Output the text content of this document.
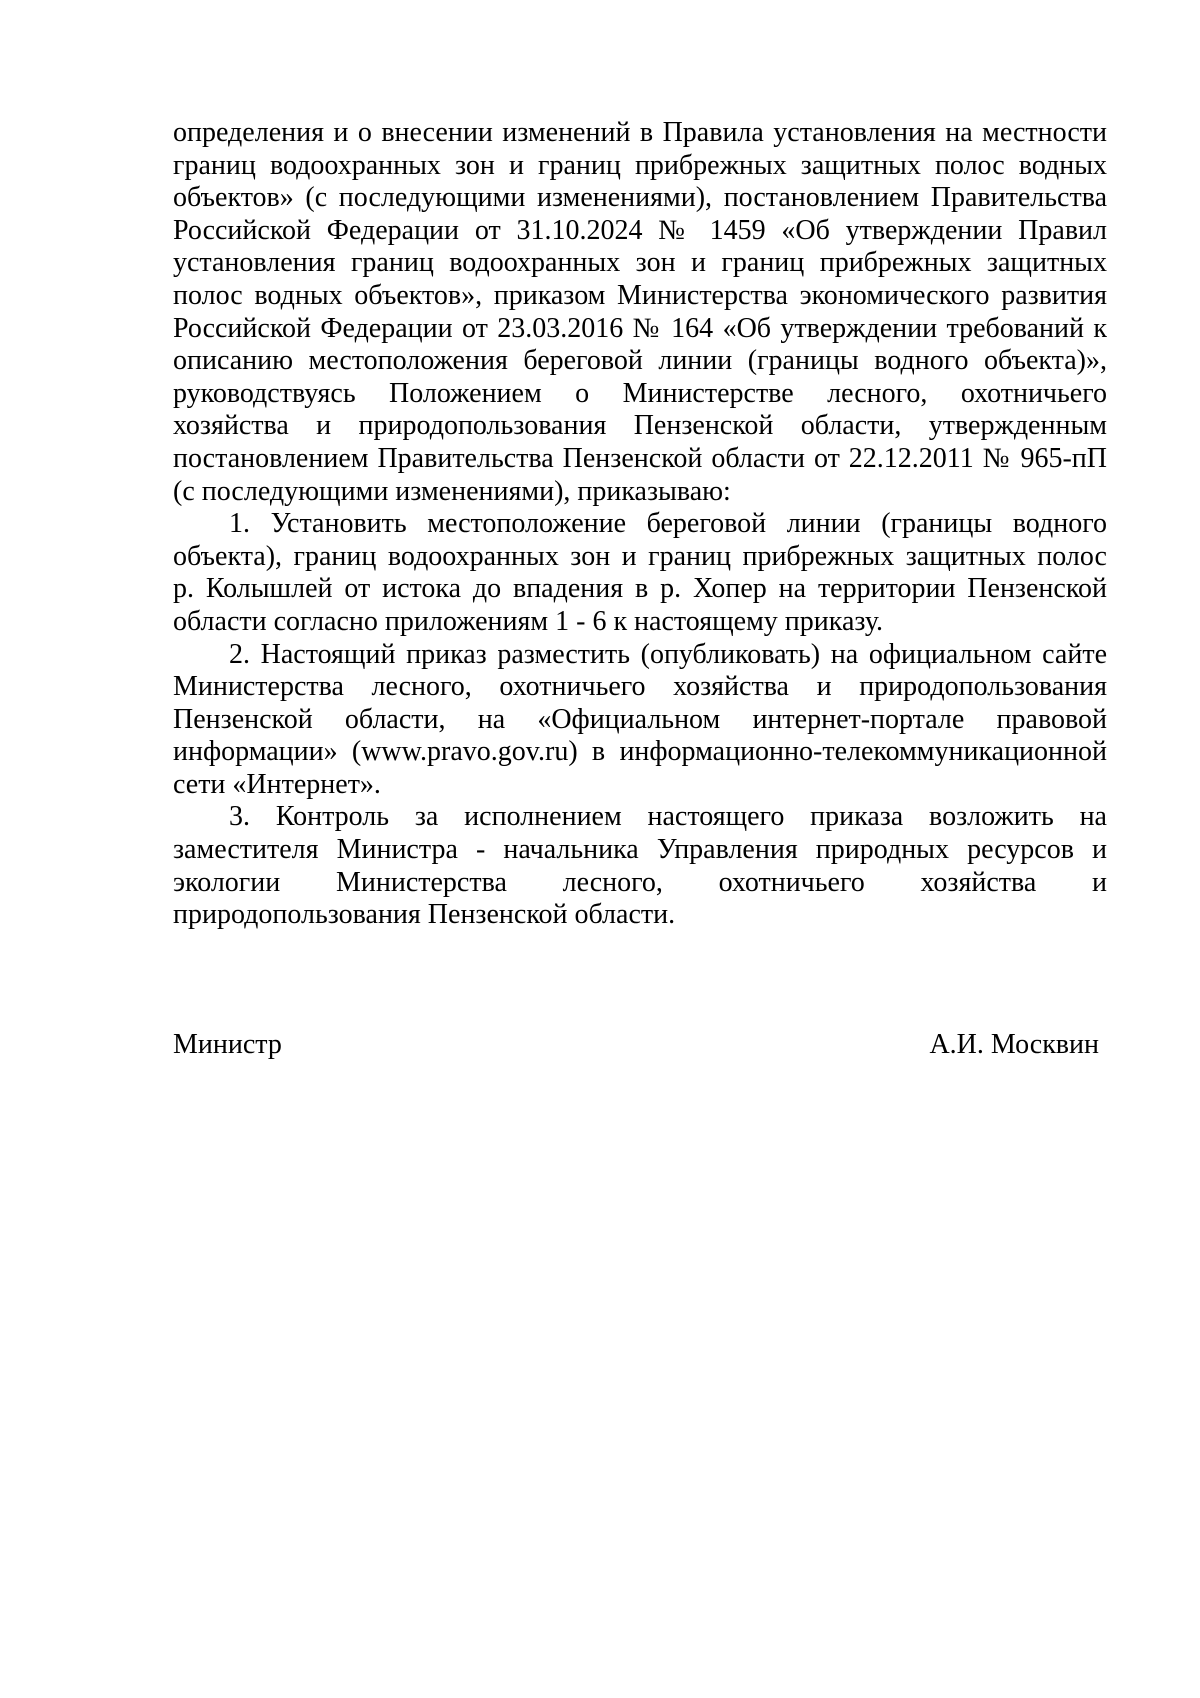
определения и о внесении изменений в Правила установления на местности
границ водоохранных зон и границ прибрежных защитных полос водных
объектов» (с последующими изменениями), постановлением Правительства
Российской Федерации от 31.10.2024 № 1459 «Об утверждении Правил
установления границ водоохранных зон и границ прибрежных защитных
полос водных объектов», приказом Министерства экономического развития
Российской Федерации от 23.03.2016 № 164 «Об утверждении требований к
описанию местоположения береговой линии (границы водного объекта)»,
руководствуясь Положением о Министерстве лесного, охотничьего
хозяйства и природопользования Пензенской области, утвержденным
постановлением Правительства Пензенской области от 22.12.2011 № 965-пП
(с последующими изменениями), приказываю:
1. Установить местоположение береговой линии (границы водного
объекта), границ водоохранных зон и границ прибрежных защитных полос
р. Колышлей от истока до впадения в р. Хопер на территории Пензенской
области согласно приложениям 1 - 6 к настоящему приказу.
2. Настоящий приказ разместить (опубликовать) на официальном сайте
Министерства лесного, охотничьего хозяйства и природопользования
Пензенской области, на «Официальном интернет-портале правовой
информации» (www.pravo.gov.ru) в информационно-телекоммуникационной
сети «Интернет».
3. Контроль за исполнением настоящего приказа возложить на
заместителя Министра - начальника Управления природных ресурсов и
экологии Министерства лесного, охотничьего хозяйства и
природопользования Пензенской области.
Министр	А.И. Москвин
